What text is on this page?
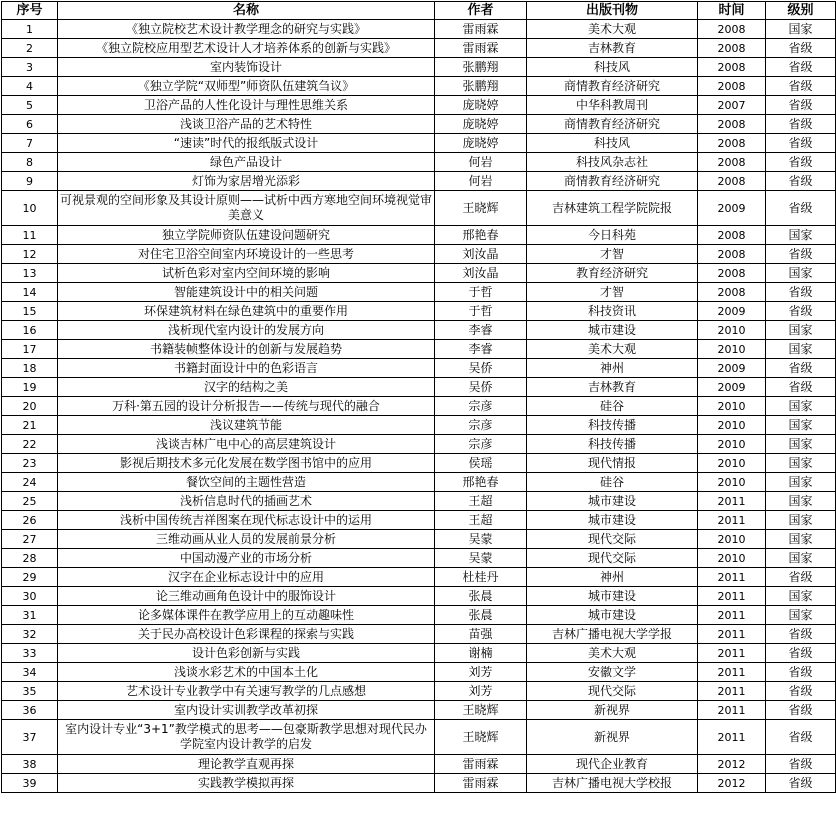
序号	名称	作者	出版刊物	时间	级别
1	《独立院校艺术设计教学理念的研究与实践》	雷雨霖	美术大观	2008	国家
2	《独立院校应用型艺术设计人才培养体系的创新与实践》	雷雨霖	吉林教育	2008	省级
3	室内装饰设计	张鹏翔	科技风	2008	省级
4	《独立学院“双师型”师资队伍建筑刍议》	张鹏翔	商情教育经济研究	2008	省级
5	卫浴产品的人性化设计与理性思维关系	庞晓婷	中华科教周刊	2007	省级
6	浅谈卫浴产品的艺术特性	庞晓婷	商情教育经济研究	2008	省级
7	“速读”时代的报纸版式设计	庞晓婷	科技风	2008	省级
8	绿色产品设计	何岩	科技风杂志社	2008	省级
9	灯饰为家居增光添彩	何岩	商情教育经济研究	2008	省级
10	可视景观的空间形象及其设计原则——试析中西方寒地空间环境视觉审美意义	王晓辉	吉林建筑工程学院院报	2009	省级
11	独立学院师资队伍建设问题研究	邢艳春	今日科苑	2008	国家
12	对住宅卫浴空间室内环境设计的一些思考	刘汝晶	才智	2008	省级
13	试析色彩对室内空间环境的影响	刘汝晶	教育经济研究	2008	国家
14	智能建筑设计中的相关问题	于哲	才智	2008	省级
15	环保建筑材料在绿色建筑中的重要作用	于哲	科技资讯	2009	省级
16	浅析现代室内设计的发展方向	李睿	城市建设	2010	国家
17	书籍装帧整体设计的创新与发展趋势	李睿	美术大观	2010	国家
18	书籍封面设计中的色彩语言	吴侨	神州	2009	省级
19	汉字的结构之美	吴侨	吉林教育	2009	省级
20	万科·第五园的设计分析报告——传统与现代的融合	宗彦	硅谷	2010	国家
21	浅议建筑节能	宗彦	科技传播	2010	国家
22	浅谈吉林广电中心的高层建筑设计	宗彦	科技传播	2010	国家
23	影视后期技术多元化发展在数学图书馆中的应用	侯瑶	现代情报	2010	国家
24	餐饮空间的主题性营造	邢艳春	硅谷	2010	国家
25	浅析信息时代的插画艺术	王超	城市建设	2011	国家
26	浅析中国传统吉祥图案在现代标志设计中的运用	王超	城市建设	2011	国家
27	三维动画从业人员的发展前景分析	吴蒙	现代交际	2010	国家
28	中国动漫产业的市场分析	吴蒙	现代交际	2010	国家
29	汉字在企业标志设计中的应用	杜桂丹	神州	2011	省级
30	论三维动画角色设计中的服饰设计	张晨	城市建设	2011	国家
31	论多媒体课件在教学应用上的互动趣味性	张晨	城市建设	2011	国家
32	关于民办高校设计色彩课程的探索与实践	苗强	吉林广播电视大学学报	2011	省级
33	设计色彩创新与实践	谢楠	美术大观	2011	省级
34	浅谈水彩艺术的中国本土化	刘芳	安徽文学	2011	省级
35	艺术设计专业教学中有关速写教学的几点感想	刘芳	现代交际	2011	省级
36	室内设计实训教学改革初探	王晓辉	新视界	2011	省级
37	室内设计专业“3+1”教学模式的思考——包豪斯教学思想对现代民办学院室内设计教学的启发	王晓辉	新视界	2011	省级
38	理论教学直观再探	雷雨霖	现代企业教育	2012	省级
39	实践教学模拟再探	雷雨霖	吉林广播电视大学校报	2012	省级
